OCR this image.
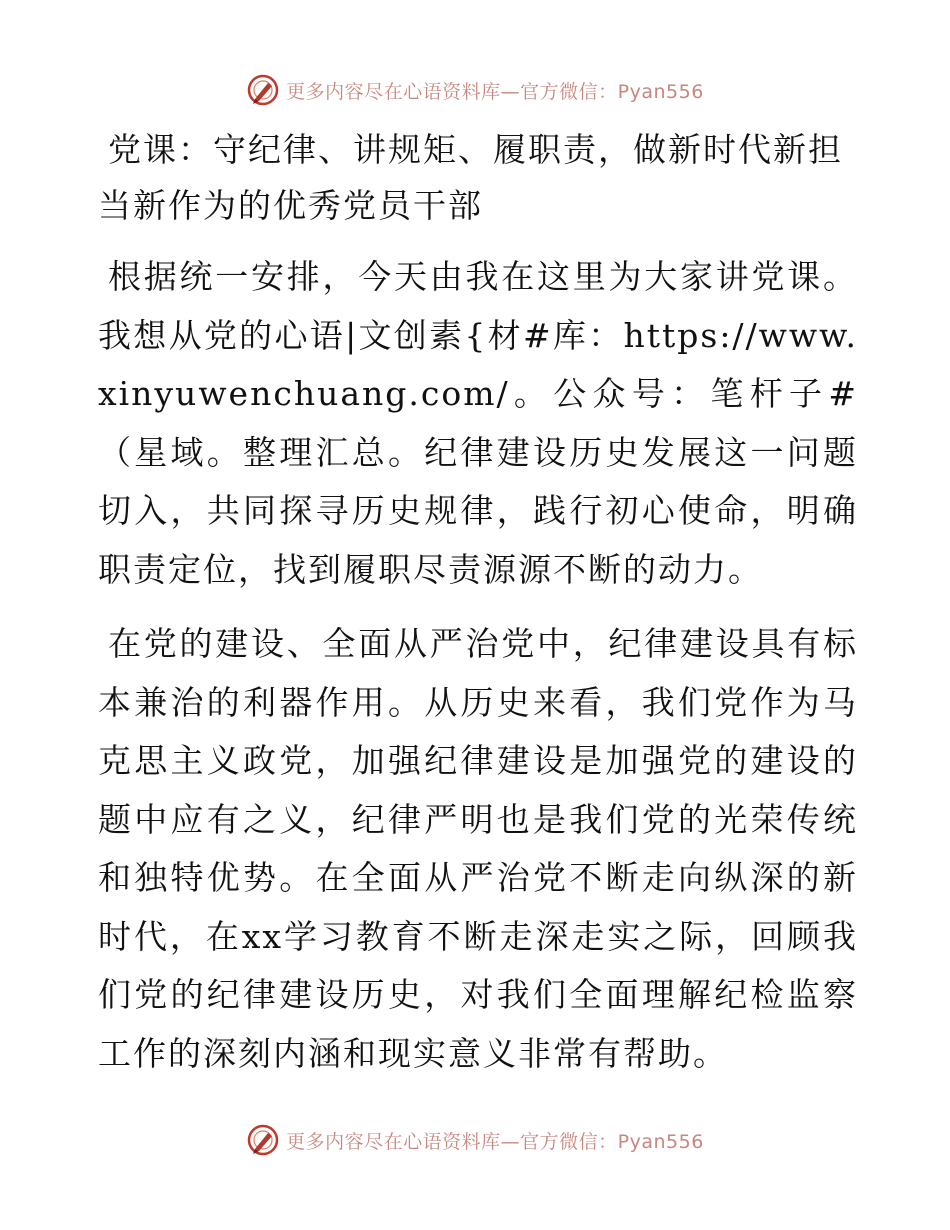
更多内容尽在心语资料库—官方微信：Pyan556
党课：守纪律、讲规矩、履职责，做新时代新担当新作为的优秀党员干部

根据统一安排，今天由我在这里为大家讲党课。我想从党的心语|文创素{材#库：https://www.xinyuwenchuang.com/。公众号：笔杆子#（星域。整理汇总。纪律建设历史发展这一问题切入，共同探寻历史规律，践行初心使命，明确职责定位，找到履职尽责源源不断的动力。

在党的建设、全面从严治党中，纪律建设具有标本兼治的利器作用。从历史来看，我们党作为马克思主义政党，加强纪律建设是加强党的建设的题中应有之义，纪律严明也是我们党的光荣传统和独特优势。在全面从严治党不断走向纵深的新时代，在xx学习教育不断走深走实之际，回顾我们党的纪律建设历史，对我们全面理解纪检监察工作的深刻内涵和现实意义非常有帮助。

更多内容尽在心语资料库—官方微信：Pyan556
